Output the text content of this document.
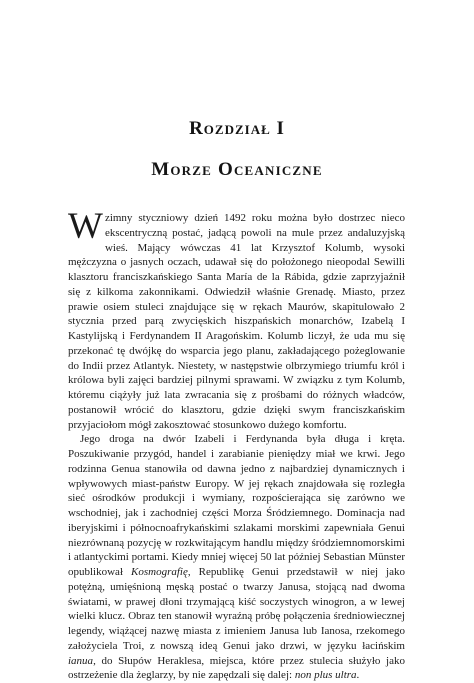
Rozdział I
Morze Oceaniczne

Wzimny styczniowy dzień 1492 roku można było dostrzec nieco ekscentryczną postać, jadącą powoli na mule przez andaluzyjską wieś. Mający wówczas 41 lat Krzysztof Kolumb, wysoki mężczyzna o jasnych oczach, udawał się do położonego nieopodal Sewilli klasztoru franciszkańskiego Santa María de la Rábida, gdzie zaprzyjaźnił się z kilkoma zakonnikami. Odwiedził właśnie Grenadę. Miasto, przez prawie osiem stuleci znajdujące się w rękach Maurów, skapitulowało 2 stycznia przed parą zwycięskich hiszpańskich monarchów, Izabelą I Kastylijską i Ferdynandem II Aragońskim. Kolumb liczył, że uda mu się przekonać tę dwójkę do wsparcia jego planu, zakładającego pożeglowanie do Indii przez Atlantyk. Niestety, w następstwie olbrzymiego triumfu król i królowa byli zajęci bardziej pilnymi sprawami. W związku z tym Kolumb, któremu ciążyły już lata zwracania się z prośbami do różnych władców, postanowił wrócić do klasztoru, gdzie dzięki swym franciszkańskim przyjaciołom mógł zakosztować stosunkowo dużego komfortu.

Jego droga na dwór Izabeli i Ferdynanda była długa i kręta. Poszukiwanie przygód, handel i zarabianie pieniędzy miał we krwi. Jego rodzinna Genua stanowiła od dawna jedno z najbardziej dynamicznych i wpływowych miast-państw Europy. W jej rękach znajdowała się rozległa sieć ośrodków produkcji i wymiany, rozpościerająca się zarówno we wschodniej, jak i zachodniej części Morza Śródziemnego. Dominacja nad iberyjskimi i północnoafrykańskimi szlakami morskimi zapewniała Genui niezrównaną pozycję w rozkwitającym handlu między śródziemnomorskimi i atlantyckimi portami. Kiedy mniej więcej 50 lat później Sebastian Münster opublikował Kosmografię, Republikę Genui przedstawił w niej jako potężną, umięśnioną męską postać o twarzy Janusa, stojącą nad dwoma światami, w prawej dłoni trzymającą kiść soczystych winogron, a w lewej wielki klucz. Obraz ten stanowił wyraźną próbę połączenia średniowiecznej legendy, wiążącej nazwę miasta z imieniem Janusa lub Ianosa, rzekomego założyciela Troi, z nowszą ideą Genui jako drzwi, w języku łacińskim ianua, do Słupów Heraklesa, miejsca, które przez stulecia służyło jako ostrzeżenie dla żeglarzy, by nie zapędzali się dalej: non plus ultra.
